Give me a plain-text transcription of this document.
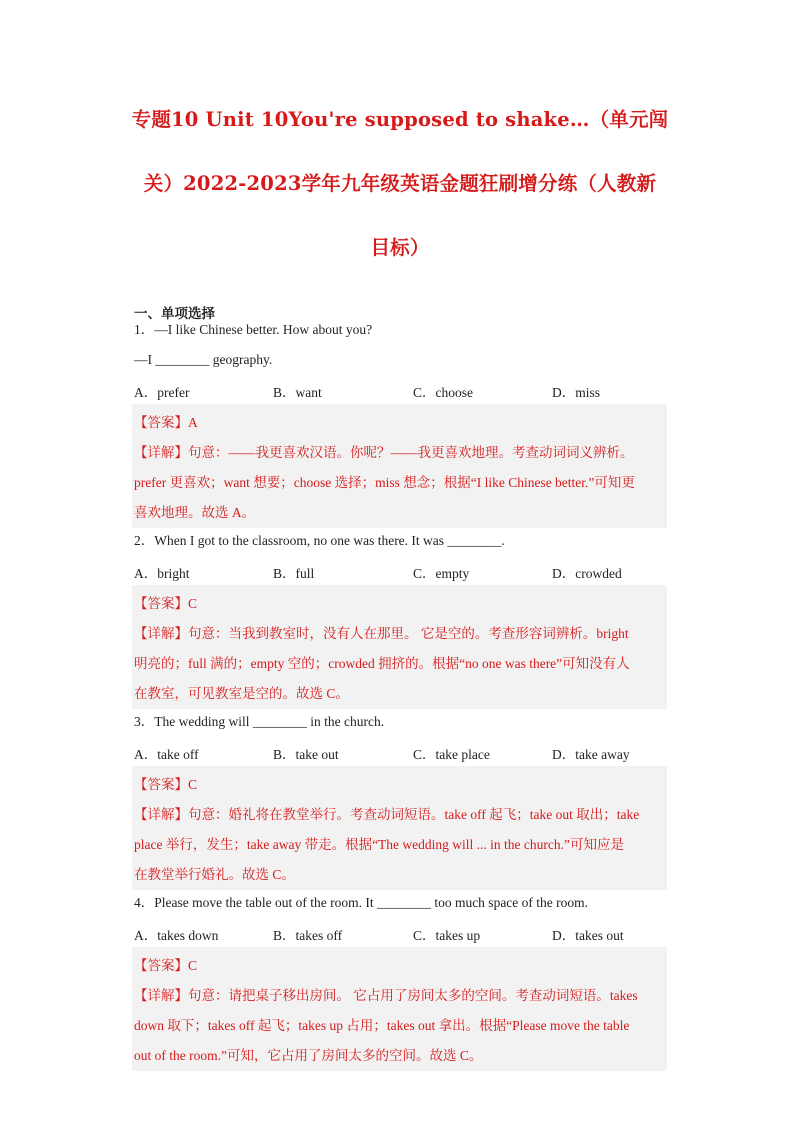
专题10 Unit 10You're supposed to shake…（单元闯
关）2022-2023学年九年级英语金题狂刷增分练（人教新
目标）
一、单项选择
1．—I like Chinese better. How about you?
—I ________ geography.
A．prefer	B．want	C．choose	D．miss
【答案】A
【详解】句意：——我更喜欢汉语。你呢？——我更喜欢地理。考查动词词义辨析。
prefer 更喜欢；want 想要；choose 选择；miss 想念；根据“I like Chinese better.”可知更
喜欢地理。故选 A。
2．When I got to the classroom, no one was there. It was ________.
A．bright	B．full	C．empty	D．crowded
【答案】C
【详解】句意：当我到教室时，没有人在那里。 它是空的。考查形容词辨析。bright
明亮的；full 满的；empty 空的；crowded 拥挤的。根据“no one was there”可知没有人
在教室，可见教室是空的。故选 C。
3．The wedding will ________ in the church.
A．take off	B．take out	C．take place	D．take away
【答案】C
【详解】句意：婚礼将在教堂举行。考查动词短语。take off 起飞；take out 取出；take
place 举行，发生；take away 带走。根据“The wedding will ... in the church.”可知应是
在教堂举行婚礼。故选 C。
4．Please move the table out of the room. It ________ too much space of the room.
A．takes down	B．takes off	C．takes up	D．takes out
【答案】C
【详解】句意：请把桌子移出房间。 它占用了房间太多的空间。考查动词短语。takes
down 取下；takes off 起飞；takes up 占用；takes out 拿出。根据“Please move the table
out of the room.”可知，它占用了房间太多的空间。故选 C。
